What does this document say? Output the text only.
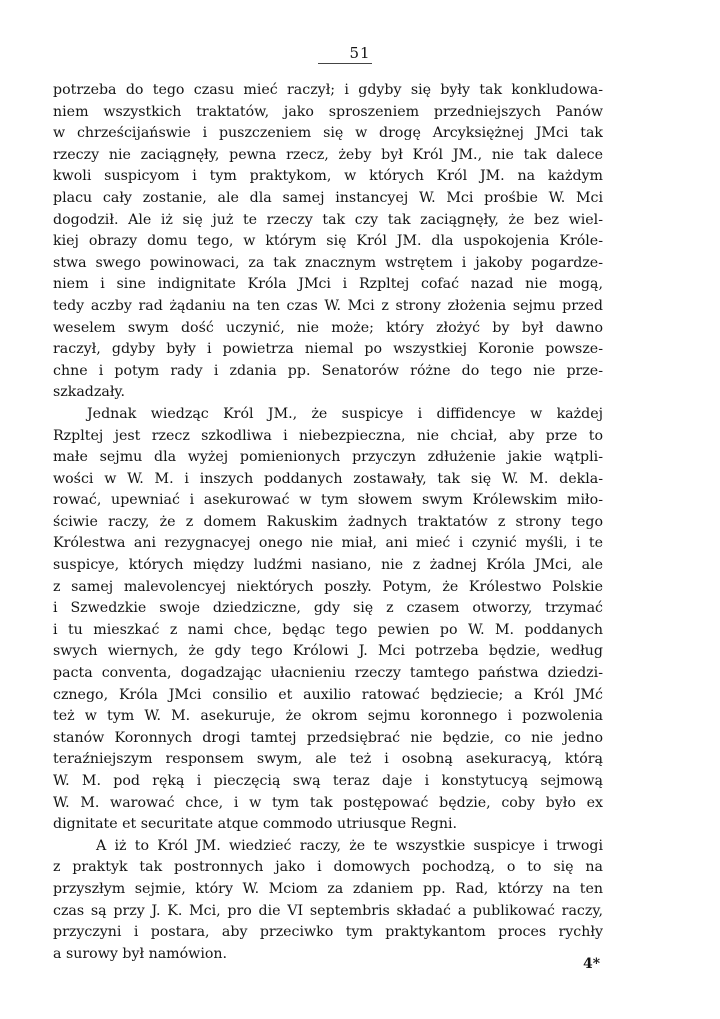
51
potrzeba do tego czasu mieć raczył; i gdyby się były tak konkludowa-
niem wszystkich traktatów, jako sproszeniem przedniejszych Panów
w chrześcijańswie i puszczeniem się w drogę Arcyksiężnej JMci tak
rzeczy nie zaciągnęły, pewna rzecz, żeby był Król JM., nie tak dalece
kwoli suspicyom i tym praktykom, w których Król JM. na każdym
placu cały zostanie, ale dla samej instancyej W. Mci prośbie W. Mci
dogodził. Ale iż się już te rzeczy tak czy tak zaciągnęły, że bez wiel-
kiej obrazy domu tego, w którym się Król JM. dla uspokojenia Króle-
stwa swego powinowaci, za tak znacznym wstrętem i jakoby pogardze-
niem i sine indignitate Króla JMci i Rzpltej cofać nazad nie mogą,
tedy aczby rad żądaniu na ten czas W. Mci z strony złożenia sejmu przed
weselem swym dość uczynić, nie może; który złożyć by był dawno
raczył, gdyby były i powietrza niemal po wszystkiej Koronie powsze-
chne i potym rady i zdania pp. Senatorów różne do tego nie prze-
szkadzały.
Jednak wiedząc Król JM., że suspicye i diffidencye w każdej
Rzpltej jest rzecz szkodliwa i niebezpieczna, nie chciał, aby prze to
małe sejmu dla wyżej pomienionych przyczyn zdłużenie jakie wątpli-
wości w W. M. i inszych poddanych zostawały, tak się W. M. dekla-
rować, upewniać i asekurować w tym słowem swym Królewskim miło-
ściwie raczy, że z domem Rakuskim żadnych traktatów z strony tego
Królestwa ani rezygnacyej onego nie miał, ani mieć i czynić myśli, i te
suspicye, których między ludźmi nasiano, nie z żadnej Króla JMci, ale
z samej malevolencyej niektórych poszły. Potym, że Królestwo Polskie
i Szwedzkie swoje dziedziczne, gdy się z czasem otworzy, trzymać
i tu mieszkać z nami chce, będąc tego pewien po W. M. poddanych
swych wiernych, że gdy tego Królowi J. Mci potrzeba będzie, według
pacta conventa, dogadzając ułacnieniu rzeczy tamtego państwa dziedzi-
cznego, Króla JMci consilio et auxilio ratować będziecie; a Król JMć
też w tym W. M. asekuruje, że okrom sejmu koronnego i pozwolenia
stanów Koronnych drogi tamtej przedsiębrać nie będzie, co nie jedno
teraźniejszym responsem swym, ale też i osobną asekuracyą, którą
W. M. pod ręką i pieczęcią swą teraz daje i konstytucyą sejmową
W. M. warować chce, i w tym tak postępować będzie, coby było ex
dignitate et securitate atque commodo utriusque Regni.
A iż to Król JM. wiedzieć raczy, że te wszystkie suspicye i trwogi
z praktyk tak postronnych jako i domowych pochodzą, o to się na
przyszłym sejmie, który W. Mciom za zdaniem pp. Rad, którzy na ten
czas są przy J. K. Mci, pro die VI septembris składać a publikować raczy,
przyczyni i postara, aby przeciwko tym praktykantom proces rychły
a surowy był namówion.
4*
